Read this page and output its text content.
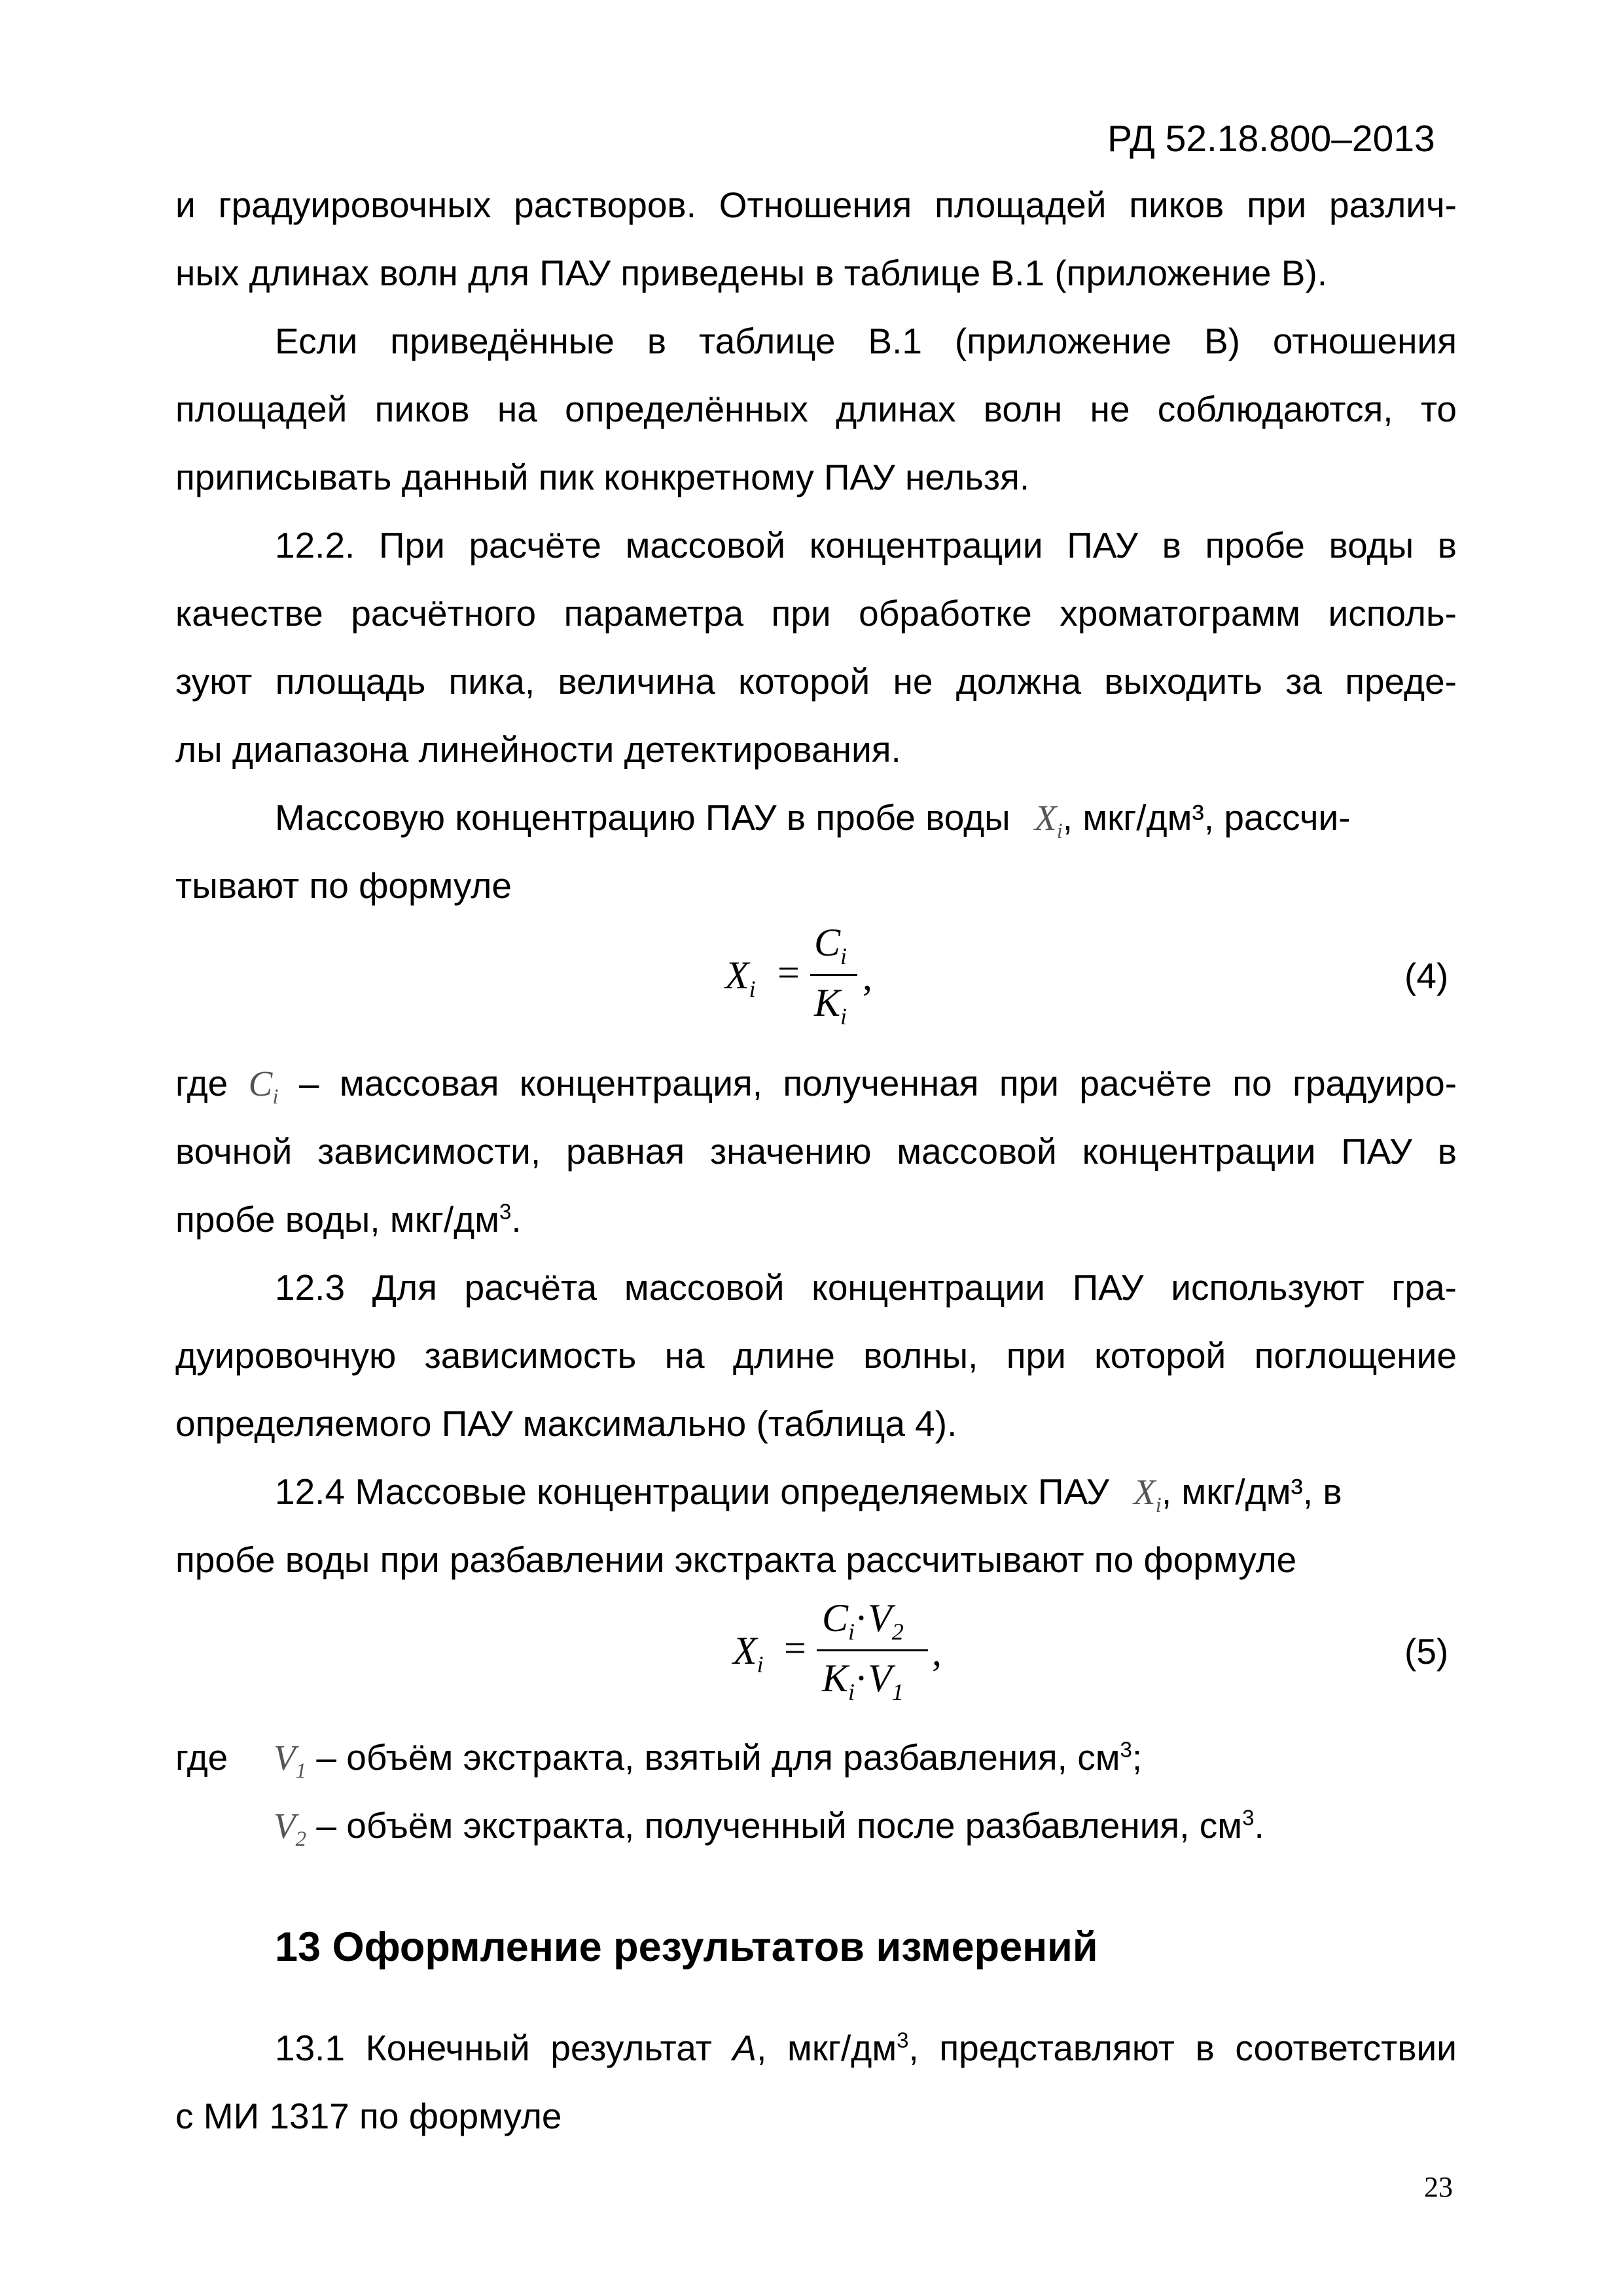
РД 52.18.800–2013
и градуировочных растворов. Отношения площадей пиков при различ-
ных длинах волн для ПАУ приведены в таблице В.1 (приложение В).
Если приведённые в таблице В.1 (приложение В) отношения
площадей пиков на определённых длинах волн не соблюдаются, то
приписывать данный пик конкретному ПАУ нельзя.
12.2. При расчёте массовой концентрации ПАУ в пробе воды в
качестве расчётного параметра при обработке хроматограмм исполь-
зуют площадь пика, величина которой не должна выходить за преде-
лы диапазона линейности детектирования.
Массовую концентрацию ПАУ в пробе воды $X_i$, мкг/дм³, рассчи-
тывают по формуле
$X_i$ =
$C_i$
$K_i$
,	(4)
где $C_i$ – массовая концентрация, полученная при расчёте по градуиро-
вочной зависимости, равная значению массовой концентрации ПАУ в
пробе воды, мкг/$дм^3$.
12.3 Для расчёта массовой концентрации ПАУ используют гра-
дуировочную зависимость на длине волны, при которой поглощение
определяемого ПАУ максимально (таблица 4).
12.4 Массовые концентрации определяемых ПАУ $X_i$, мкг/дм³, в
пробе воды при разбавлении экстракта рассчитывают по формуле
$X_i$ =
$C_i\cdot V_2$
$K_i\cdot V_1$
,	(5)
где $V_1$ – объём экстракта, взятый для разбавления, $см^3$;
$V_2$ – объём экстракта, полученный после разбавления, $см^3$.
13 Оформление результатов измерений
13.1 Конечный результат А, мкг/$дм^3$, представляют в соответствии
с МИ 1317 по формуле
23
